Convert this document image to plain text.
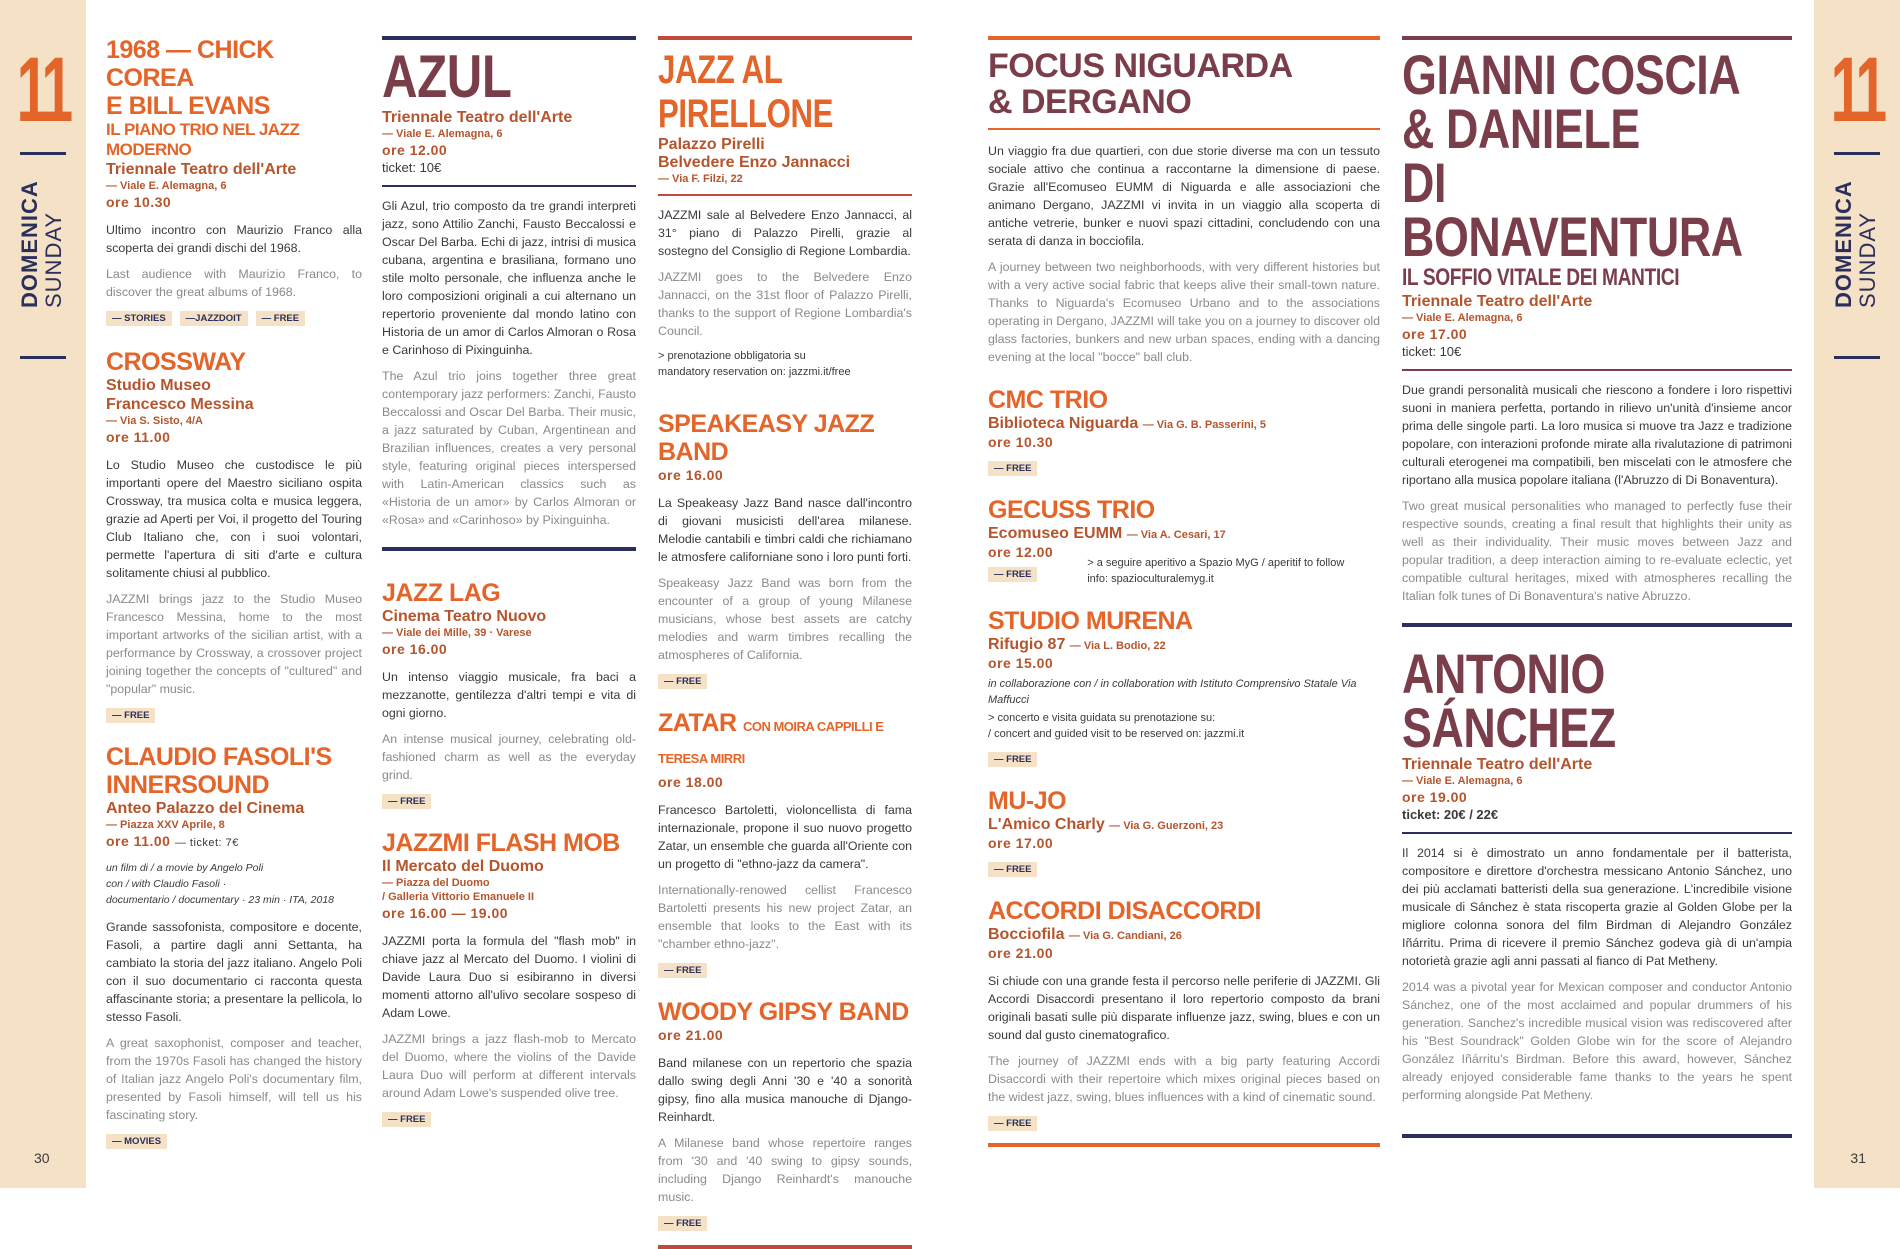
11
DOMENICA SUNDAY
30
11
DOMENICA SUNDAY
31
1968 — CHICK COREA
E BILL EVANS
IL PIANO TRIO NEL JAZZ MODERNO
Triennale Teatro dell'Arte
— Viale E. Alemagna, 6
ore 10.30
Ultimo incontro con Maurizio Franco alla scoperta dei grandi dischi del 1968.
Last audience with Maurizio Franco, to discover the great albums of 1968.
— STORIES	—JAZZDOIT	— FREE
CROSSWAY
Studio Museo
Francesco Messina
— Via S. Sisto, 4/A
ore 11.00
Lo Studio Museo che custodisce le più importanti opere del Maestro siciliano ospita Crossway, tra musica colta e musica leggera, grazie ad Aperti per Voi, il progetto del Touring Club Italiano che, con i suoi volontari, permette l'apertura di siti d'arte e cultura solitamente chiusi al pubblico.
JAZZMI brings jazz to the Studio Museo Francesco Messina, home to the most important artworks of the sicilian artist, with a performance by Crossway, a crossover project joining together the concepts of "cultured" and "popular" music.
— FREE
CLAUDIO FASOLI'S
INNERSOUND
Anteo Palazzo del Cinema
— Piazza XXV Aprile, 8
ore 11.00 — ticket: 7€
un film di / a movie by Angelo Poli
con / with Claudio Fasoli ·
documentario / documentary · 23 min · ITA, 2018
Grande sassofonista, compositore e docente, Fasoli, a partire dagli anni Settanta, ha cambiato la storia del jazz italiano. Angelo Poli con il suo documentario ci racconta questa affascinante storia; a presentare la pellicola, lo stesso Fasoli.
A great saxophonist, composer and teacher, from the 1970s Fasoli has changed the history of Italian jazz Angelo Poli's documentary film, presented by Fasoli himself, will tell us his fascinating story.
— MOVIES
AZUL
Triennale Teatro dell'Arte
— Viale E. Alemagna, 6
ore 12.00
ticket: 10€
Gli Azul, trio composto da tre grandi interpreti jazz, sono Attilio Zanchi, Fausto Beccalossi e Oscar Del Barba. Echi di jazz, intrisi di musica cubana, argentina e brasiliana, formano uno stile molto personale, che influenza anche le loro composizioni originali a cui alternano un repertorio proveniente dal mondo latino con Historia de un amor di Carlos Almoran o Rosa e Carinhoso di Pixinguinha.
The Azul trio joins together three great contemporary jazz performers: Zanchi, Fausto Beccalossi and Oscar Del Barba. Their music, a jazz saturated by Cuban, Argentinean and Brazilian influences, creates a very personal style, featuring original pieces interspersed with Latin-American classics such as «Historia de un amor» by Carlos Almoran or «Rosa» and «Carinhoso» by Pixinguinha.
JAZZ LAG
Cinema Teatro Nuovo
— Viale dei Mille, 39 · Varese
ore 16.00
Un intenso viaggio musicale, fra baci a mezzanotte, gentilezza d'altri tempi e vita di ogni giorno.
An intense musical journey, celebrating old-fashioned charm as well as the everyday grind.
— FREE
JAZZMI FLASH MOB
Il Mercato del Duomo
— Piazza del Duomo
/ Galleria Vittorio Emanuele II
ore 16.00 — 19.00
JAZZMI porta la formula del "flash mob" in chiave jazz al Mercato del Duomo. I violini di Davide Laura Duo si esibiranno in diversi momenti attorno all'ulivo secolare sospeso di Adam Lowe.
JAZZMI brings a jazz flash-mob to Mercato del Duomo, where the violins of the Davide Laura Duo will perform at different intervals around Adam Lowe's suspended olive tree.
— FREE
JAZZ AL PIRELLONE
Palazzo Pirelli
Belvedere Enzo Jannacci
— Via F. Filzi, 22
JAZZMI sale al Belvedere Enzo Jannacci, al 31° piano di Palazzo Pirelli, grazie al sostegno del Consiglio di Regione Lombardia.
JAZZMI goes to the Belvedere Enzo Jannacci, on the 31st floor of Palazzo Pirelli, thanks to the support of Regione Lombardia's Council.
> prenotazione obbligatoria su
mandatory reservation on: jazzmi.it/free
SPEAKEASY JAZZ BAND
ore 16.00
La Speakeasy Jazz Band nasce dall'incontro di giovani musicisti dell'area milanese. Melodie cantabili e timbri caldi che richiamano le atmosfere californiane sono i loro punti forti.
Speakeasy Jazz Band was born from the encounter of a group of young Milanese musicians, whose best assets are catchy melodies and warm timbres recalling the atmospheres of California.
— FREE
ZATAR CON MOIRA CAPPILLI E TERESA MIRRI
ore 18.00
Francesco Bartoletti, violoncellista di fama internazionale, propone il suo nuovo progetto Zatar, un ensemble che guarda all'Oriente con un progetto di "ethno-jazz da camera".
Internationally-renowed cellist Francesco Bartoletti presents his new project Zatar, an ensemble that looks to the East with its "chamber ethno-jazz".
— FREE
WOODY GIPSY BAND
ore 21.00
Band milanese con un repertorio che spazia dallo swing degli Anni '30 e '40 a sonorità gipsy, fino alla musica manouche di Django-Reinhardt.
A Milanese band whose repertoire ranges from '30 and '40 swing to gipsy sounds, including Django Reinhardt's manouche music.
— FREE
FOCUS NIGUARDA
& DERGANO
Un viaggio fra due quartieri, con due storie diverse ma con un tessuto sociale attivo che continua a raccontarne la dimensione di paese. Grazie all'Ecomuseo EUMM di Niguarda e alle associazioni che animano Dergano, JAZZMI vi invita in un viaggio alla scoperta di antiche vetrerie, bunker e nuovi spazi cittadini, concludendo con una serata di danza in bocciofila.
A journey between two neighborhoods, with very different histories but with a very active social fabric that keeps alive their small-town nature. Thanks to Niguarda's Ecomuseo Urbano and to the associations operating in Dergano, JAZZMI will take you on a journey to discover old glass factories, bunkers and new urban spaces, ending with a dancing evening at the local "bocce" ball club.
CMC TRIO
Biblioteca Niguarda — Via G. B. Passerini, 5
ore 10.30
— FREE
GECUSS TRIO
Ecomuseo EUMM — Via A. Cesari, 17
ore 12.00
— FREE
> a seguire aperitivo a Spazio MyG / aperitif to follow
info: spazioculturalemyg.it
STUDIO MURENA
Rifugio 87 — Via L. Bodio, 22
ore 15.00
in collaborazione con / in collaboration with Istituto Comprensivo Statale Via Maffucci
> concerto e visita guidata su prenotazione su:
/ concert and guided visit to be reserved on: jazzmi.it
— FREE
MU-JO
L'Amico Charly — Via G. Guerzoni, 23
ore 17.00
— FREE
ACCORDI DISACCORDI
Bocciofila — Via G. Candiani, 26
ore 21.00
Si chiude con una grande festa il percorso nelle periferie di JAZZMI. Gli Accordi Disaccordi presentano il loro repertorio composto da brani originali basati sulle più disparate influenze jazz, swing, blues e con un sound dal gusto cinematografico.
The journey of JAZZMI ends with a big party featuring Accordi Disaccordi with their repertoire which mixes original pieces based on the widest jazz, swing, blues influences with a kind of cinematic sound.
— FREE
GIANNI COSCIA
& DANIELE
DI BONAVENTURA
IL SOFFIO VITALE DEI MANTICI
Triennale Teatro dell'Arte
— Viale E. Alemagna, 6
ore 17.00
ticket: 10€
Due grandi personalità musicali che riescono a fondere i loro rispettivi suoni in maniera perfetta, portando in rilievo un'unità d'insieme ancor prima delle singole parti. La loro musica si muove tra Jazz e tradizione popolare, con interazioni profonde mirate alla rivalutazione di patrimoni culturali eterogenei ma compatibili, ben miscelati con le atmosfere che riportano alla musica popolare italiana (l'Abruzzo di Di Bonaventura).
Two great musical personalities who managed to perfectly fuse their respective sounds, creating a final result that highlights their unity as well as their individuality. Their music moves between Jazz and popular tradition, a deep interaction aiming to re-evaluate eclectic, yet compatible cultural heritages, mixed with atmospheres recalling the Italian folk tunes of Di Bonaventura's native Abruzzo.
ANTONIO SÁNCHEZ
Triennale Teatro dell'Arte
— Viale E. Alemagna, 6
ore 19.00
ticket: 20€ / 22€
Il 2014 si è dimostrato un anno fondamentale per il batterista, compositore e direttore d'orchestra messicano Antonio Sánchez, uno dei più acclamati batteristi della sua generazione. L'incredibile visione musicale di Sánchez è stata riscoperta grazie al Golden Globe per la migliore colonna sonora del film Birdman di Alejandro González Iñárritu. Prima di ricevere il premio Sánchez godeva già di un'ampia notorietà grazie agli anni passati al fianco di Pat Metheny.
2014 was a pivotal year for Mexican composer and conductor Antonio Sánchez, one of the most acclaimed and popular drummers of his generation. Sanchez's incredible musical vision was rediscovered after his "Best Soundrack" Golden Globe win for the score of Alejandro González Iñárritu's Birdman. Before this award, however, Sánchez already enjoyed considerable fame thanks to the years he spent performing alongside Pat Metheny.
